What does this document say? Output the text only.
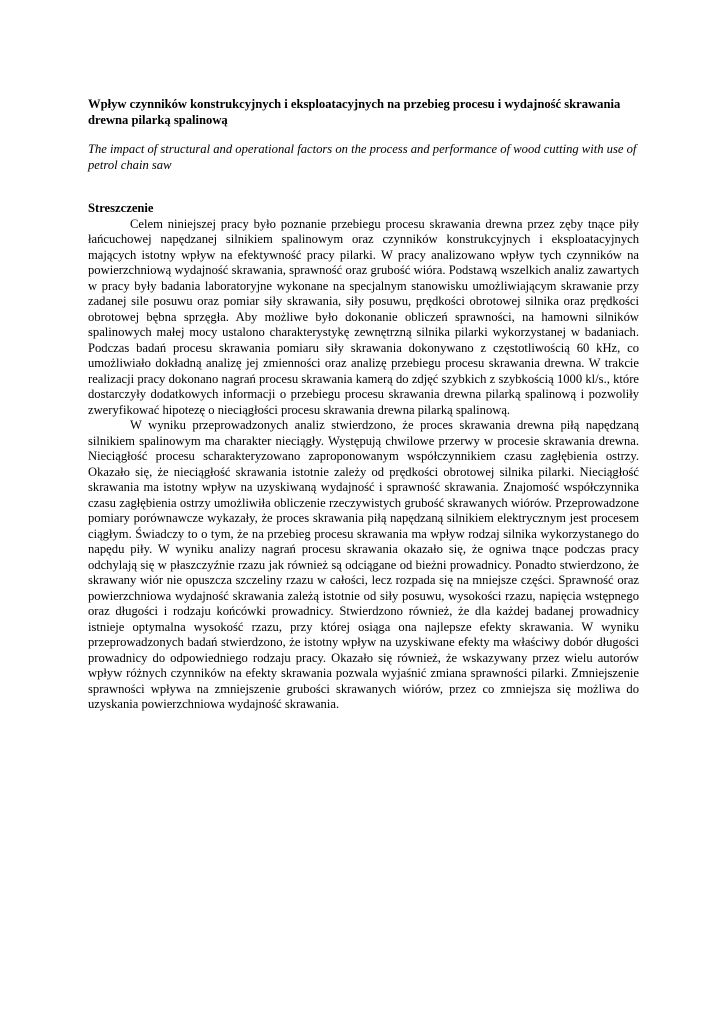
Wpływ czynników konstrukcyjnych i eksploatacyjnych na przebieg procesu i wydajność skrawania drewna pilarką spalinową

The impact of structural and operational factors on the process and performance of wood cutting with use of petrol chain saw

Streszczenie

Celem niniejszej pracy było poznanie przebiegu procesu skrawania drewna przez zęby tnące piły łańcuchowej napędzanej silnikiem spalinowym oraz czynników konstrukcyjnych i eksploatacyjnych mających istotny wpływ na efektywność pracy pilarki. W pracy analizowano wpływ tych czynników na powierzchniową wydajność skrawania, sprawność oraz grubość wióra. Podstawą wszelkich analiz zawartych w pracy były badania laboratoryjne wykonane na specjalnym stanowisku umożliwiającym skrawanie przy zadanej sile posuwu oraz pomiar siły skrawania, siły posuwu, prędkości obrotowej silnika oraz prędkości obrotowej bębna sprzęgła. Aby możliwe było dokonanie obliczeń sprawności, na hamowni silników spalinowych małej mocy ustalono charakterystykę zewnętrzną silnika pilarki wykorzystanej w badaniach. Podczas badań procesu skrawania pomiaru siły skrawania dokonywano z częstotliwością 60 kHz, co umożliwiało dokładną analizę jej zmienności oraz analizę przebiegu procesu skrawania drewna. W trakcie realizacji pracy dokonano nagrań procesu skrawania kamerą do zdjęć szybkich z szybkością 1000 kl/s., które dostarczyły dodatkowych informacji o przebiegu procesu skrawania drewna pilarką spalinową i pozwoliły zweryfikować hipotezę o nieciągłości procesu skrawania drewna pilarką spalinową.

W wyniku przeprowadzonych analiz stwierdzono, że proces skrawania drewna piłą napędzaną silnikiem spalinowym ma charakter nieciągły. Występują chwilowe przerwy w procesie skrawania drewna. Nieciągłość procesu scharakteryzowano zaproponowanym współczynnikiem czasu zagłębienia ostrzy. Okazało się, że nieciągłość skrawania istotnie zależy od prędkości obrotowej silnika pilarki. Nieciągłość skrawania ma istotny wpływ na uzyskiwaną wydajność i sprawność skrawania. Znajomość współczynnika czasu zagłębienia ostrzy umożliwiła obliczenie rzeczywistych grubość skrawanych wiórów. Przeprowadzone pomiary porównawcze wykazały, że proces skrawania piłą napędzaną silnikiem elektrycznym jest procesem ciągłym. Świadczy to o tym, że na przebieg procesu skrawania ma wpływ rodzaj silnika wykorzystanego do napędu piły. W wyniku analizy nagrań procesu skrawania okazało się, że ogniwa tnące podczas pracy odchylają się w płaszczyźnie rzazu jak również są odciągane od bieżni prowadnicy. Ponadto stwierdzono, że skrawany wiór nie opuszcza szczeliny rzazu w całości, lecz rozpada się na mniejsze części. Sprawność oraz powierzchniowa wydajność skrawania zależą istotnie od siły posuwu, wysokości rzazu, napięcia wstępnego oraz długości i rodzaju końcówki prowadnicy. Stwierdzono również, że dla każdej badanej prowadnicy istnieje optymalna wysokość rzazu, przy której osiąga ona najlepsze efekty skrawania. W wyniku przeprowadzonych badań stwierdzono, że istotny wpływ na uzyskiwane efekty ma właściwy dobór długości prowadnicy do odpowiedniego rodzaju pracy. Okazało się również, że wskazywany przez wielu autorów wpływ różnych czynników na efekty skrawania pozwala wyjaśnić zmiana sprawności pilarki. Zmniejszenie sprawności wpływa na zmniejszenie grubości skrawanych wiórów, przez co zmniejsza się możliwa do uzyskania powierzchniowa wydajność skrawania.
